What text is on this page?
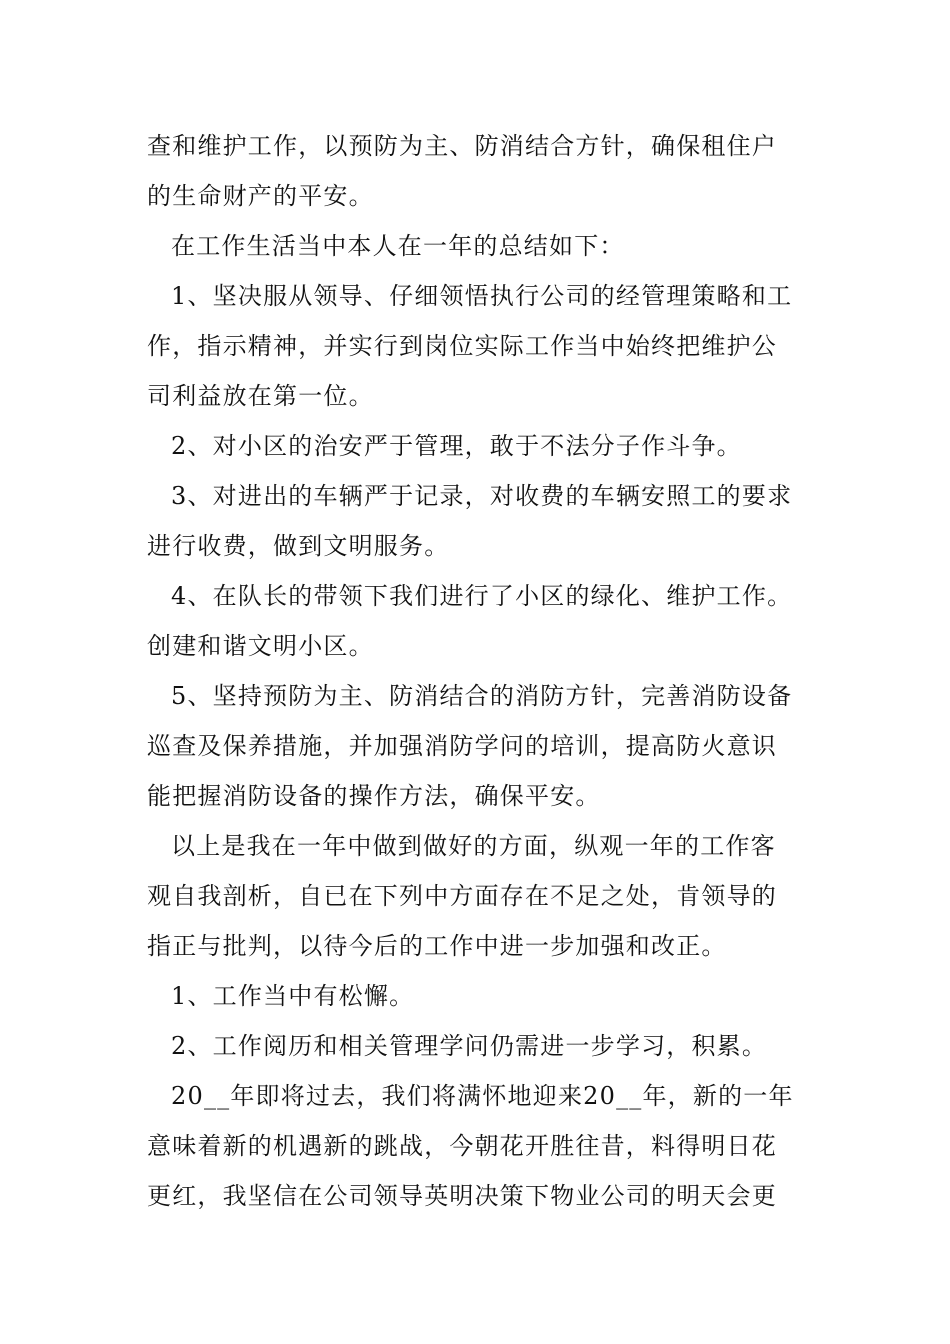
查和维护工作，以预防为主、防消结合方针，确保租住户
的生命财产的平安。
在工作生活当中本人在一年的总结如下：
1、坚决服从领导、仔细领悟执行公司的经管理策略和工
作，指示精神，并实行到岗位实际工作当中始终把维护公
司利益放在第一位。
2、对小区的治安严于管理，敢于不法分子作斗争。
3、对进出的车辆严于记录，对收费的车辆安照工的要求
进行收费，做到文明服务。
4、在队长的带领下我们进行了小区的绿化、维护工作。
创建和谐文明小区。
5、坚持预防为主、防消结合的消防方针，完善消防设备
巡查及保养措施，并加强消防学问的培训，提高防火意识
能把握消防设备的操作方法，确保平安。
以上是我在一年中做到做好的方面，纵观一年的工作客
观自我剖析，自已在下列中方面存在不足之处，肯领导的
指正与批判，以待今后的工作中进一步加强和改正。
1、工作当中有松懈。
2、工作阅历和相关管理学问仍需进一步学习，积累。
20__年即将过去，我们将满怀地迎来20__年，新的一年
意味着新的机遇新的跳战，今朝花开胜往昔，料得明日花
更红，我坚信在公司领导英明决策下物业公司的明天会更
